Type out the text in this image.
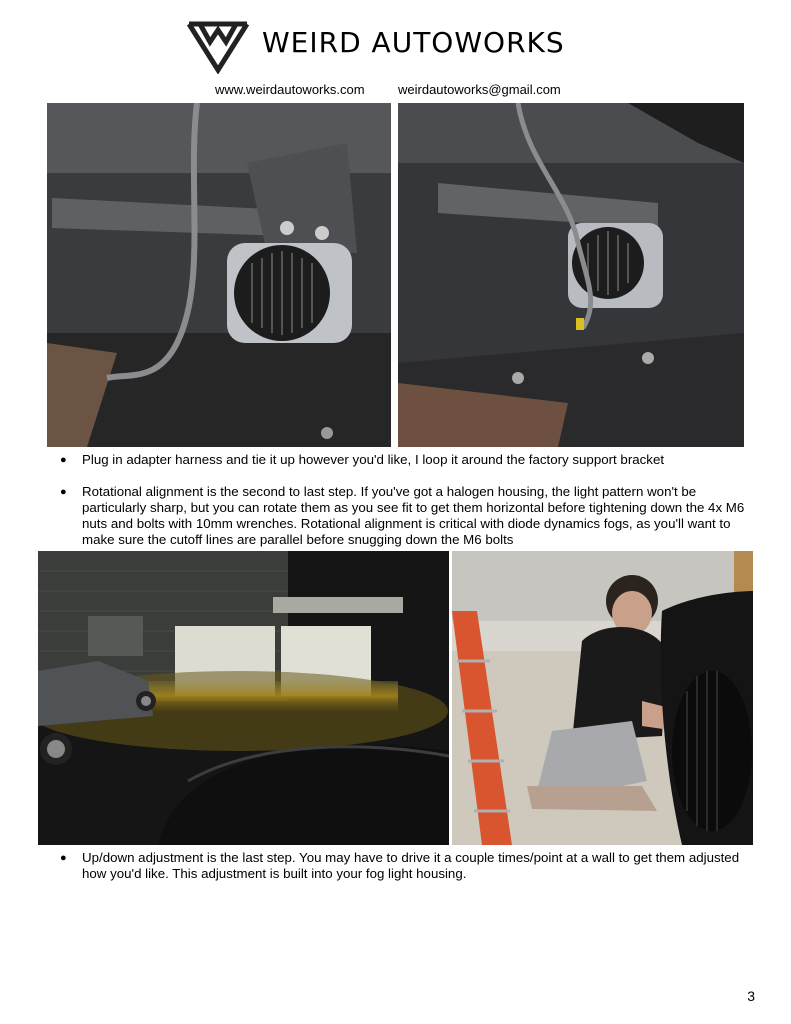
WEIRD AUTOWORKS
www.weirdautoworks.com	weirdautoworks@gmail.com
● Plug in adapter harness and tie it up however you'd like, I loop it around the factory support bracket
● Rotational alignment is the second to last step. If you've got a halogen housing, the light pattern won't be particularly sharp, but you can rotate them as you see fit to get them horizontal before tightening down the 4x M6 nuts and bolts with 10mm wrenches. Rotational alignment is critical with diode dynamics fogs, as you'll want to make sure the cutoff lines are parallel before snugging down the M6 bolts
● Up/down adjustment is the last step. You may have to drive it a couple times/point at a wall to get them adjusted how you'd like. This adjustment is built into your fog light housing.
3
